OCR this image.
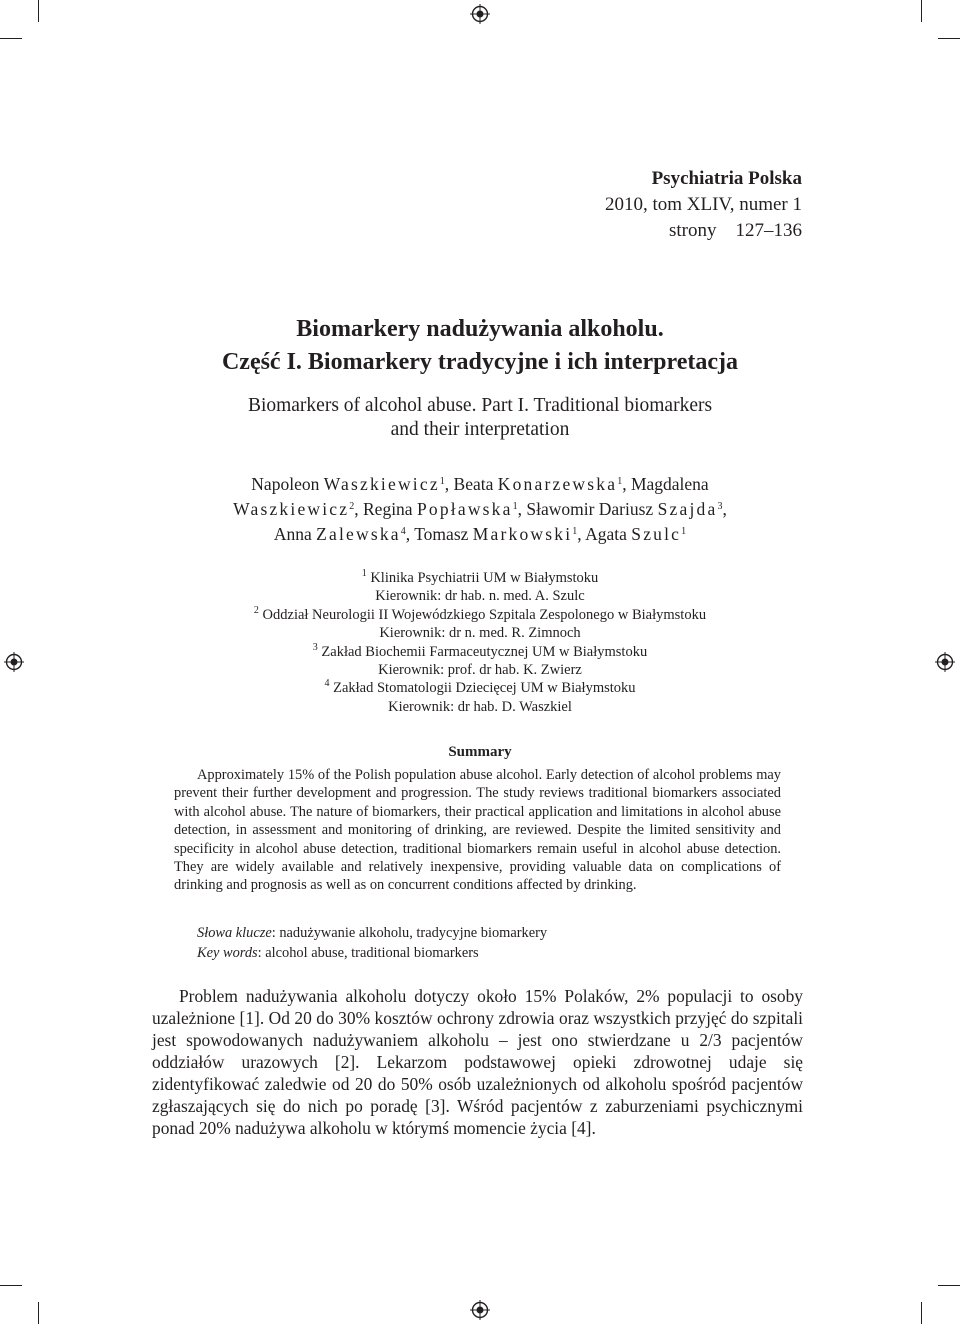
Psychiatria Polska
2010, tom XLIV, numer 1
strony 127–136
Biomarkery nadużywania alkoholu.
Część I. Biomarkery tradycyjne i ich interpretacja
Biomarkers of alcohol abuse. Part I. Traditional biomarkers
and their interpretation
Napoleon Waszkiewicz$^1$, Beata Konarzewska$^1$, Magdalena
Waszkiewicz$^2$, Regina Popławska$^1$, Sławomir Dariusz Szajda$^3$,
Anna Zalewska$^4$, Tomasz Markowski$^1$, Agata Szulc$^1$
$^1$ Klinika Psychiatrii UM w Białymstoku
Kierownik: dr hab. n. med. A. Szulc
$^2$ Oddział Neurologii II Wojewódzkiego Szpitala Zespolonego w Białymstoku
Kierownik: dr n. med. R. Zimnoch
$^3$ Zakład Biochemii Farmaceutycznej UM w Białymstoku
Kierownik: prof. dr hab. K. Zwierz
$^4$ Zakład Stomatologii Dziecięcej UM w Białymstoku
Kierownik: dr hab. D. Waszkiel
Summary

Approximately 15% of the Polish population abuse alcohol. Early detection of alcohol problems may prevent their further development and progression. The study reviews traditional biomarkers associated with alcohol abuse. The nature of biomarkers, their practical application and limitations in alcohol abuse detection, in assessment and monitoring of drinking, are reviewed. Despite the limited sensitivity and specificity in alcohol abuse detection, traditional biomarkers remain useful in alcohol abuse detection. They are widely available and relatively inexpensive, providing valuable data on complications of drinking and prognosis as well as on concurrent conditions affected by drinking.

Słowa klucze: nadużywanie alkoholu, tradycyjne biomarkery
Key words: alcohol abuse, traditional biomarkers

Problem nadużywania alkoholu dotyczy około 15% Polaków, 2% populacji to osoby uzależnione [1]. Od 20 do 30% kosztów ochrony zdrowia oraz wszystkich przyjęć do szpitali jest spowodowanych nadużywaniem alkoholu – jest ono stwierdzane u 2/3 pacjentów oddziałów urazowych [2]. Lekarzom podstawowej opieki zdrowotnej udaje się zidentyfikować zaledwie od 20 do 50% osób uzależnionych od alkoholu spośród pacjentów zgłaszających się do nich po poradę [3]. Wśród pacjentów z zaburzeniami psychicznymi ponad 20% nadużywa alkoholu w którymś momencie życia [4].
